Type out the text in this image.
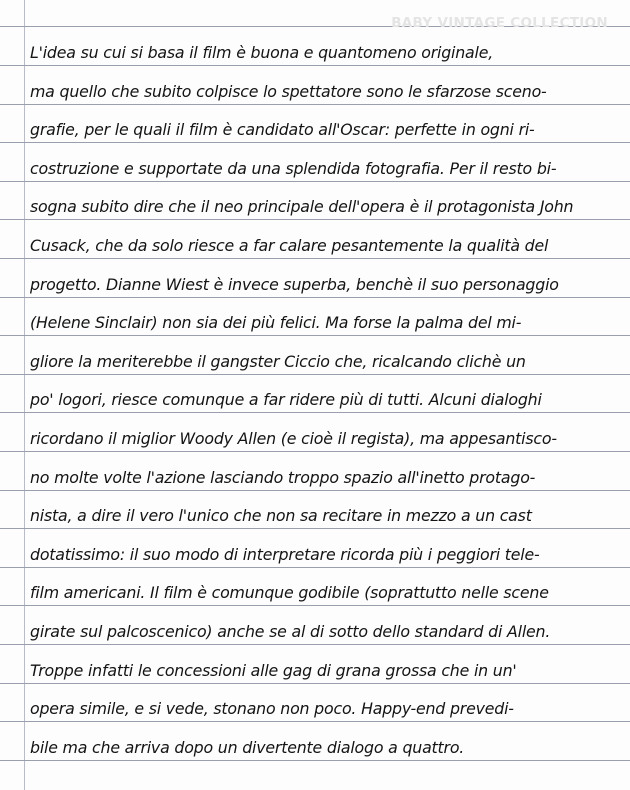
BABY VINTAGE COLLECTION
L'idea su cui si basa il film è buona e quantomeno originale,
ma quello che subito colpisce lo spettatore sono le sfarzose sceno-
grafie, per le quali il film è candidato all'Oscar: perfette in ogni ri-
costruzione e supportate da una splendida fotografia. Per il resto bi-
sogna subito dire che il neo principale dell'opera è il protagonista John
Cusack, che da solo riesce a far calare pesantemente la qualità del
progetto. Dianne Wiest è invece superba, benchè il suo personaggio
(Helene Sinclair) non sia dei più felici. Ma forse la palma del mi-
gliore la meriterebbe il gangster Ciccio che, ricalcando clichè un
po' logori, riesce comunque a far ridere più di tutti. Alcuni dialoghi
ricordano il miglior Woody Allen (e cioè il regista), ma appesantisco-
no molte volte l'azione lasciando troppo spazio all'inetto protago-
nista, a dire il vero l'unico che non sa recitare in mezzo a un cast
dotatissimo: il suo modo di interpretare ricorda più i peggiori tele-
film americani. Il film è comunque godibile (soprattutto nelle scene
girate sul palcoscenico) anche se al di sotto dello standard di Allen.
Troppe infatti le concessioni alle gag di grana grossa che in un'
opera simile, e si vede, stonano non poco. Happy-end prevedi-
bile ma che arriva dopo un divertente dialogo a quattro.
